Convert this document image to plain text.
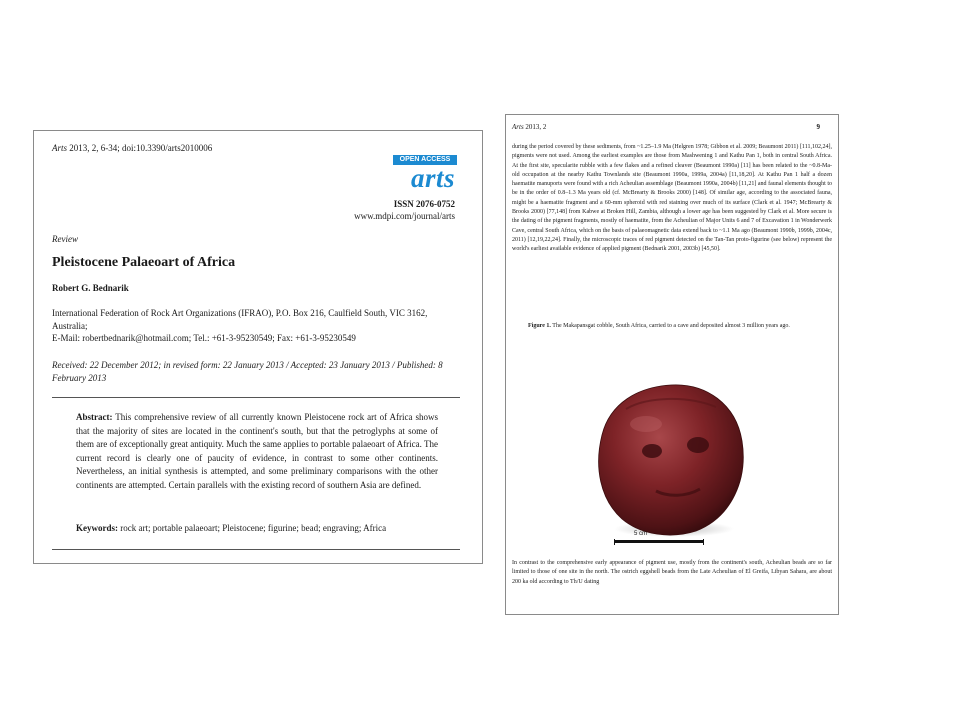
Arts 2013, 2, 6-34; doi:10.3390/arts2010006
OPEN ACCESS
arts
ISSN 2076-0752
www.mdpi.com/journal/arts
Review
Pleistocene Palaeoart of Africa
Robert G. Bednarik
International Federation of Rock Art Organizations (IFRAO), P.O. Box 216, Caulfield South, VIC 3162, Australia;
E-Mail: robertbednarik@hotmail.com; Tel.: +61-3-95230549; Fax: +61-3-95230549
Received: 22 December 2012; in revised form: 22 January 2013 / Accepted: 23 January 2013 / Published: 8 February 2013
Abstract: This comprehensive review of all currently known Pleistocene rock art of Africa shows that the majority of sites are located in the continent's south, but that the petroglyphs at some of them are of exceptionally great antiquity. Much the same applies to portable palaeoart of Africa. The current record is clearly one of paucity of evidence, in contrast to some other continents. Nevertheless, an initial synthesis is attempted, and some preliminary comparisons with the other continents are attempted. Certain parallels with the existing record of southern Asia are defined.
Keywords: rock art; portable palaeoart; Pleistocene; figurine; bead; engraving; Africa
Arts 2013, 2	9
during the period covered by these sediments, from ~1.25–1.9 Ma (Helgren 1978; Gibbon et al. 2009; Beaumont 2011) [111,102,24], pigments were not used. Among the earliest examples are those from Mashwening 1 and Kathu Pan 1, both in central South Africa. At the first site, specularite rubble with a few flakes and a refined cleaver (Beaumont 1990a) [11] has been related to the ~0.8-Ma-old occupation at the nearby Kathu Townlands site (Beaumont 1990a, 1999a, 2004a) [11,18,20]. At Kathu Pan 1 half a dozen haematite manuports were found with a rich Acheulian assemblage (Beaumont 1990a, 2004b) [11,21] and faunal elements thought to be in the order of 0.8–1.3 Ma years old (cf. McBrearty & Brooks 2000) [148]. Of similar age, according to the associated fauna, might be a haematite fragment and a 60-mm spheroid with red staining over much of its surface (Clark et al. 1947; McBrearty & Brooks 2000) [77,148] from Kabwe at Broken Hill, Zambia, although a lower age has been suggested by Clark et al. More secure is the dating of the pigment fragments, mostly of haematite, from the Acheulian of Major Units 6 and 7 of Excavation 1 in Wonderwerk Cave, central South Africa, which on the basis of palaeomagnetic data extend back to ~1.1 Ma ago (Beaumont 1990b, 1999b, 2004c, 2011) [12,19,22,24]. Finally, the microscopic traces of red pigment detected on the Tan-Tan proto-figurine (see below) represent the world's earliest available evidence of applied pigment (Bednarik 2001, 2003b) [45,50].
Figure 1. The Makapansgat cobble, South Africa, carried to a cave and deposited almost 3 million years ago.
5 cm
In contrast to the comprehensive early appearance of pigment use, mostly from the continent's south, Acheulian beads are so far limited to those of one site in the north. The ostrich eggshell beads from the Late Acheulian of El Greifa, Libyan Sahara, are about 200 ka old according to Th/U dating
